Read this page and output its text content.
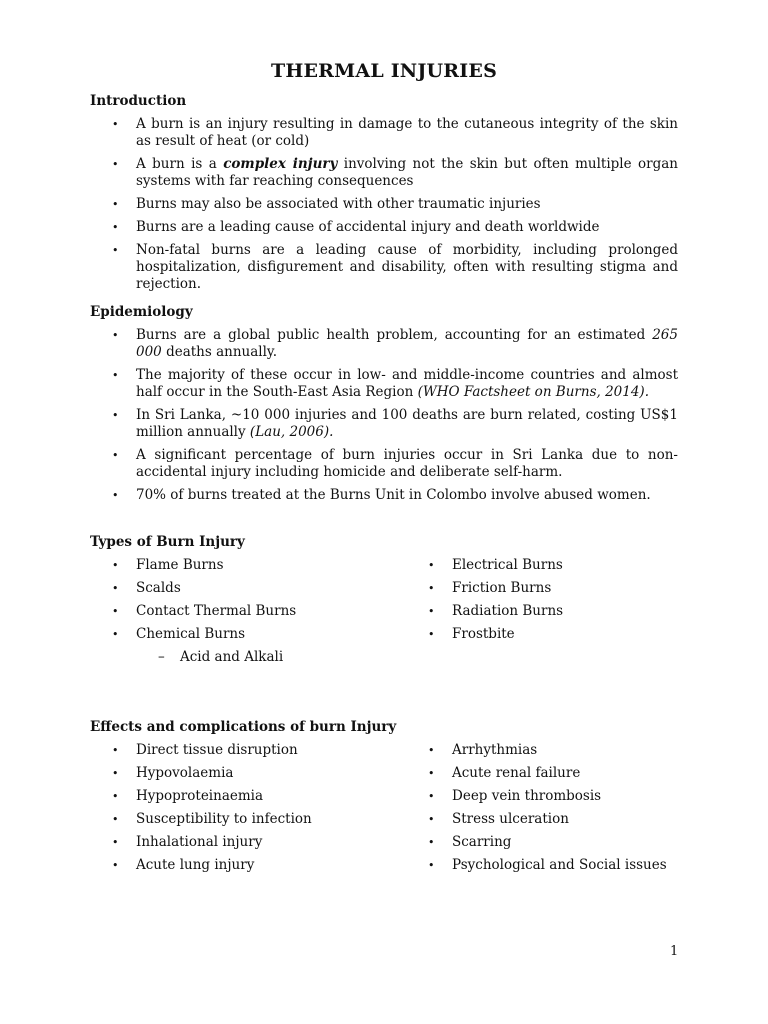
THERMAL INJURIES
Introduction
• A burn is an injury resulting in damage to the cutaneous integrity of the skin as result of heat (or cold)
• A burn is a complex injury involving not the skin but often multiple organ systems with far reaching consequences
• Burns may also be associated with other traumatic injuries
• Burns are a leading cause of accidental injury and death worldwide
• Non-fatal burns are a leading cause of morbidity, including prolonged hospitalization, disfigurement and disability, often with resulting stigma and rejection.
Epidemiology
• Burns are a global public health problem, accounting for an estimated 265 000 deaths annually.
• The majority of these occur in low- and middle-income countries and almost half occur in the South-East Asia Region (WHO Factsheet on Burns, 2014).
• In Sri Lanka, ~10 000 injuries and 100 deaths are burn related, costing US$1 million annually (Lau, 2006).
• A significant percentage of burn injuries occur in Sri Lanka due to non-accidental injury including homicide and deliberate self-harm.
• 70% of burns treated at the Burns Unit in Colombo involve abused women.
Types of Burn Injury
• Flame Burns
• Scalds
• Contact Thermal Burns
• Chemical Burns
– Acid and Alkali
• Electrical Burns
• Friction Burns
• Radiation Burns
• Frostbite
Effects and complications of burn Injury
• Direct tissue disruption
• Hypovolaemia
• Hypoproteinaemia
• Susceptibility to infection
• Inhalational injury
• Acute lung injury
• Arrhythmias
• Acute renal failure
• Deep vein thrombosis
• Stress ulceration
• Scarring
• Psychological and Social issues
1
